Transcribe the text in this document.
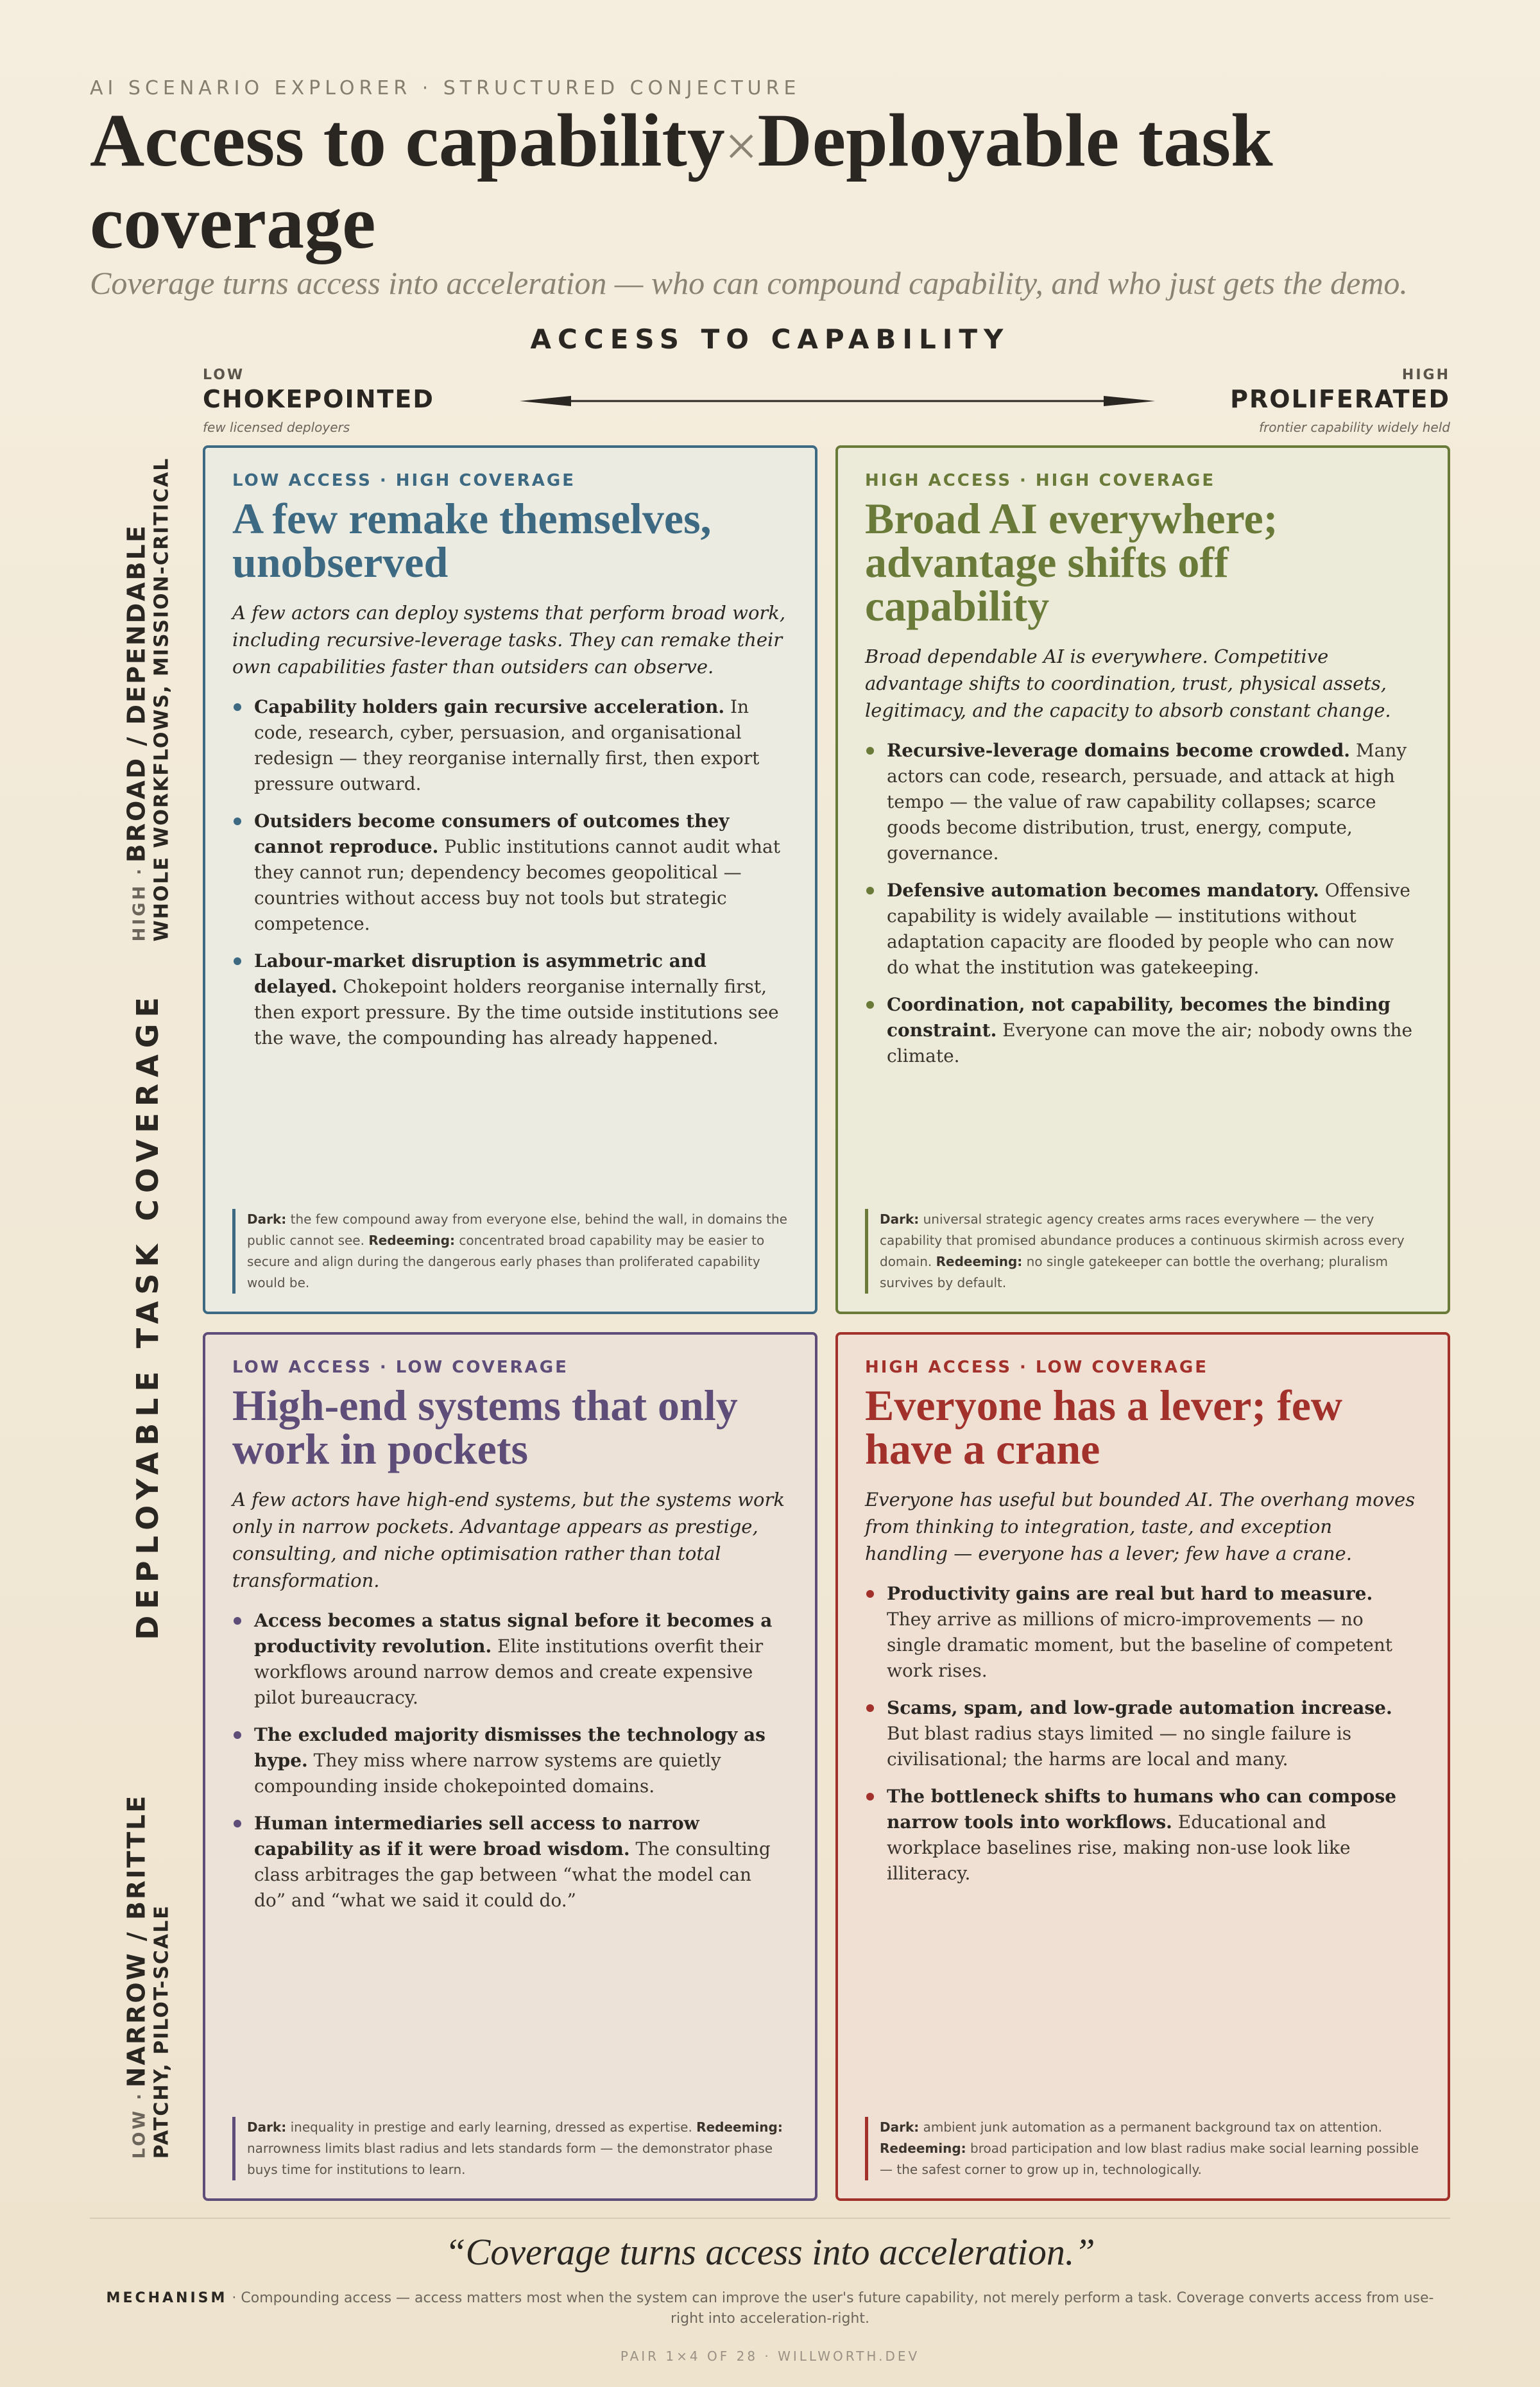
AI SCENARIO EXPLORER · STRUCTURED CONJECTURE
Access to capability×Deployable task coverage
Coverage turns access into acceleration — who can compound capability, and who just gets the demo.
ACCESS TO CAPABILITY
LOW
CHOKEPOINTED
few licensed deployers
HIGH
PROLIFERATED
frontier capability widely held
HIGH · BROAD / DEPENDABLE WHOLE WORKFLOWS, MISSION-CRITICAL
DEPLOYABLE TASK COVERAGE
LOW · NARROW / BRITTLE PATCHY, PILOT-SCALE
LOW ACCESS · HIGH COVERAGE
A few remake themselves, unobserved

A few actors can deploy systems that perform broad work, including recursive-leverage tasks. They can remake their own capabilities faster than outsiders can observe.

Capability holders gain recursive acceleration. In code, research, cyber, persuasion, and organisational redesign — they reorganise internally first, then export pressure outward.
Outsiders become consumers of outcomes they cannot reproduce. Public institutions cannot audit what they cannot run; dependency becomes geopolitical — countries without access buy not tools but strategic competence.
Labour-market disruption is asymmetric and delayed. Chokepoint holders reorganise internally first, then export pressure. By the time outside institutions see the wave, the compounding has already happened.
Dark: the few compound away from everyone else, behind the wall, in domains the public cannot see. Redeeming: concentrated broad capability may be easier to secure and align during the dangerous early phases than proliferated capability would be.
HIGH ACCESS · HIGH COVERAGE
Broad AI everywhere; advantage shifts off capability

Broad dependable AI is everywhere. Competitive advantage shifts to coordination, trust, physical assets, legitimacy, and the capacity to absorb constant change.

Recursive-leverage domains become crowded. Many actors can code, research, persuade, and attack at high tempo — the value of raw capability collapses; scarce goods become distribution, trust, energy, compute, governance.
Defensive automation becomes mandatory. Offensive capability is widely available — institutions without adaptation capacity are flooded by people who can now do what the institution was gatekeeping.
Coordination, not capability, becomes the binding constraint. Everyone can move the air; nobody owns the climate.
Dark: universal strategic agency creates arms races everywhere — the very capability that promised abundance produces a continuous skirmish across every domain. Redeeming: no single gatekeeper can bottle the overhang; pluralism survives by default.
LOW ACCESS · LOW COVERAGE
High-end systems that only work in pockets

A few actors have high-end systems, but the systems work only in narrow pockets. Advantage appears as prestige, consulting, and niche optimisation rather than total transformation.

Access becomes a status signal before it becomes a productivity revolution. Elite institutions overfit their workflows around narrow demos and create expensive pilot bureaucracy.
The excluded majority dismisses the technology as hype. They miss where narrow systems are quietly compounding inside chokepointed domains.
Human intermediaries sell access to narrow capability as if it were broad wisdom. The consulting class arbitrages the gap between “what the model can do” and “what we said it could do.”
Dark: inequality in prestige and early learning, dressed as expertise. Redeeming: narrowness limits blast radius and lets standards form — the demonstrator phase buys time for institutions to learn.
HIGH ACCESS · LOW COVERAGE
Everyone has a lever; few have a crane

Everyone has useful but bounded AI. The overhang moves from thinking to integration, taste, and exception handling — everyone has a lever; few have a crane.

Productivity gains are real but hard to measure. They arrive as millions of micro-improvements — no single dramatic moment, but the baseline of competent work rises.
Scams, spam, and low-grade automation increase. But blast radius stays limited — no single failure is civilisational; the harms are local and many.
The bottleneck shifts to humans who can compose narrow tools into workflows. Educational and workplace baselines rise, making non-use look like illiteracy.
Dark: ambient junk automation as a permanent background tax on attention. Redeeming: broad participation and low blast radius make social learning possible — the safest corner to grow up in, technologically.
“Coverage turns access into acceleration.”
MECHANISM · Compounding access — access matters most when the system can improve the user's future capability, not merely perform a task. Coverage converts access from use-right into acceleration-right.
PAIR 1×4 OF 28 · WILLWORTH.DEV
